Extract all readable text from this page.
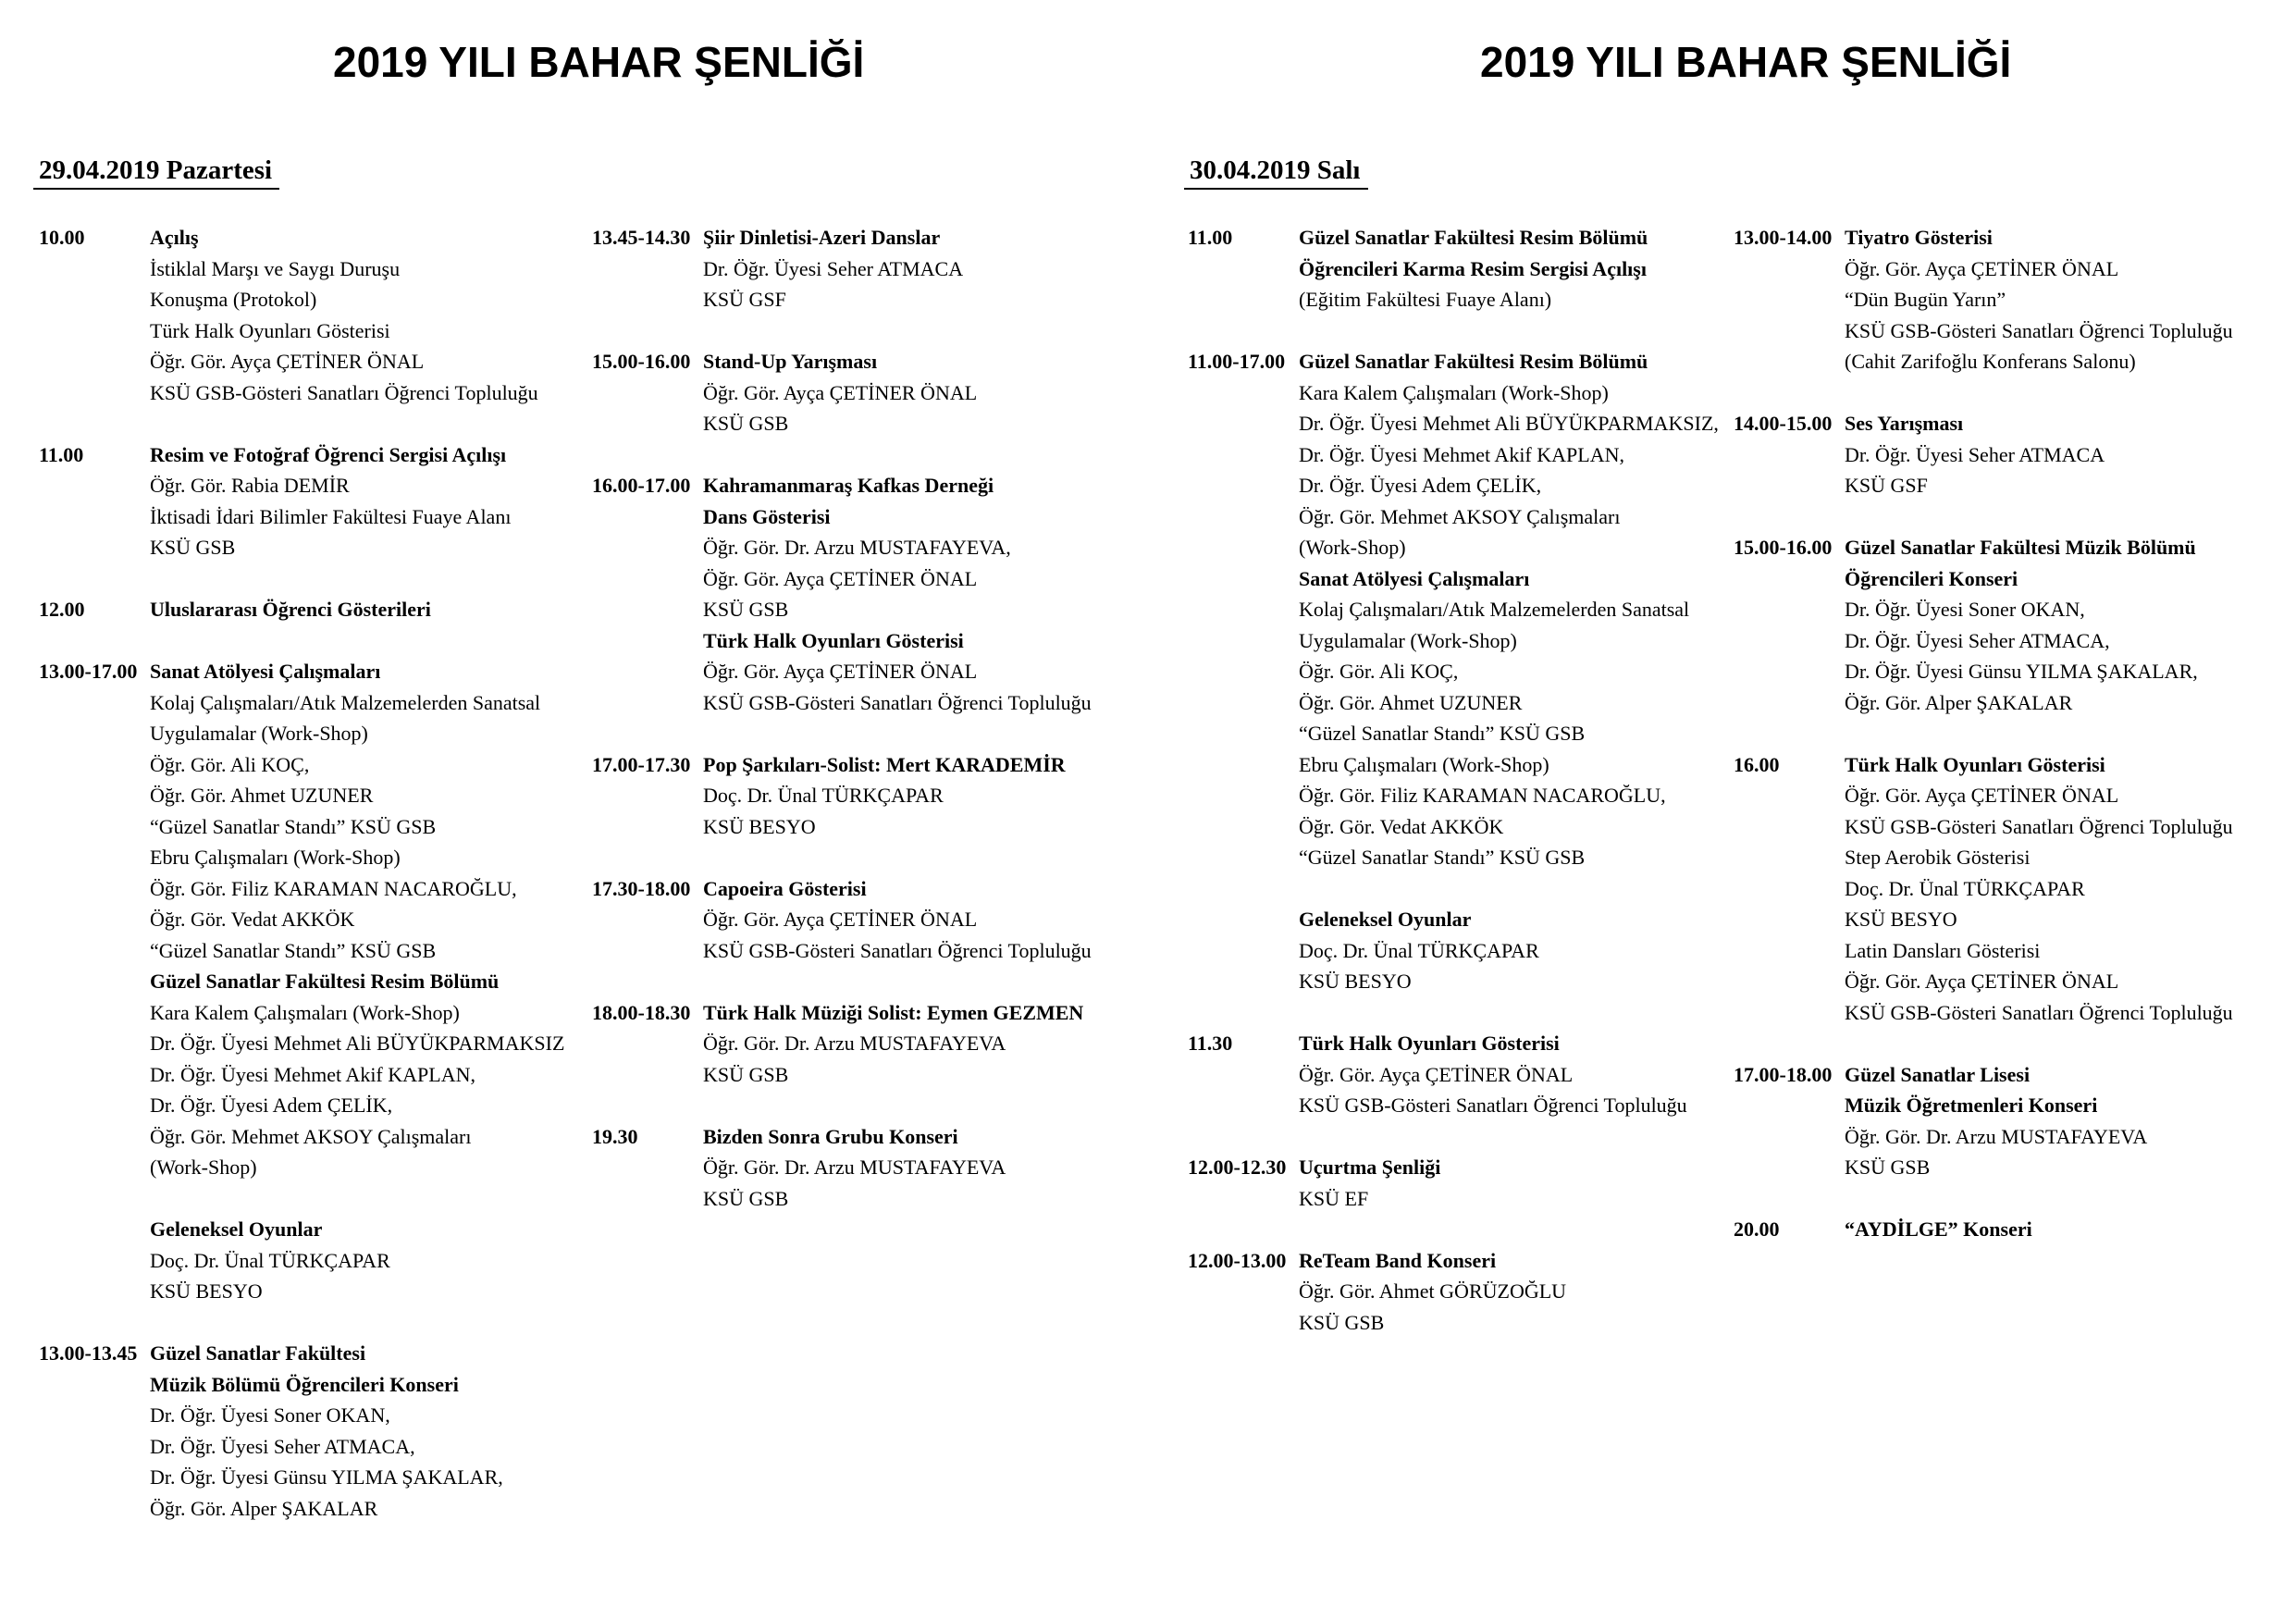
2019 YILI BAHAR ŞENLİĞİ
29.04.2019 Pazartesi
10.00	Açılış
İstiklal Marşı ve Saygı Duruşu
Konuşma (Protokol)
Türk Halk Oyunları Gösterisi
Öğr. Gör. Ayça ÇETİNER ÖNAL
KSÜ GSB-Gösteri Sanatları Öğrenci Topluluğu
11.00	Resim ve Fotoğraf Öğrenci Sergisi Açılışı
Öğr. Gör. Rabia DEMİR
İktisadi İdari Bilimler Fakültesi Fuaye Alanı
KSÜ GSB
12.00	Uluslararası Öğrenci Gösterileri
13.00-17.00 Sanat Atölyesi Çalışmaları
Kolaj Çalışmaları/Atık Malzemelerden Sanatsal
Uygulamalar (Work-Shop)
Öğr. Gör. Ali KOÇ,
Öğr. Gör. Ahmet UZUNER
“Güzel Sanatlar Standı” KSÜ GSB
Ebru Çalışmaları (Work-Shop)
Öğr. Gör. Filiz KARAMAN NACAROĞLU,
Öğr. Gör. Vedat AKKÖK
“Güzel Sanatlar Standı” KSÜ GSB
Güzel Sanatlar Fakültesi Resim Bölümü
Kara Kalem Çalışmaları (Work-Shop)
Dr. Öğr. Üyesi Mehmet Ali BÜYÜKPARMAKSIZ
Dr. Öğr. Üyesi Mehmet Akif KAPLAN,
Dr. Öğr. Üyesi Adem ÇELİK,
Öğr. Gör. Mehmet AKSOY Çalışmaları
(Work-Shop)
Geleneksel Oyunlar
Doç. Dr. Ünal TÜRKÇAPAR
KSÜ BESYO
13.00-13.45 Güzel Sanatlar Fakültesi
Müzik Bölümü Öğrencileri Konseri
Dr. Öğr. Üyesi Soner OKAN,
Dr. Öğr. Üyesi Seher ATMACA,
Dr. Öğr. Üyesi Günsu YILMA ŞAKALAR,
Öğr. Gör. Alper ŞAKALAR
13.45-14.30 Şiir Dinletisi-Azeri Danslar
Dr. Öğr. Üyesi Seher ATMACA
KSÜ GSF
15.00-16.00 Stand-Up Yarışması
Öğr. Gör. Ayça ÇETİNER ÖNAL
KSÜ GSB
16.00-17.00 Kahramanmaraş Kafkas Derneği
Dans Gösterisi
Öğr. Gör. Dr. Arzu MUSTAFAYEVA,
Öğr. Gör. Ayça ÇETİNER ÖNAL
KSÜ GSB
Türk Halk Oyunları Gösterisi
Öğr. Gör. Ayça ÇETİNER ÖNAL
KSÜ GSB-Gösteri Sanatları Öğrenci Topluluğu
17.00-17.30 Pop Şarkıları-Solist: Mert KARADEMİR
Doç. Dr. Ünal TÜRKÇAPAR
KSÜ BESYO
17.30-18.00 Capoeira Gösterisi
Öğr. Gör. Ayça ÇETİNER ÖNAL
KSÜ GSB-Gösteri Sanatları Öğrenci Topluluğu
18.00-18.30 Türk Halk Müziği Solist: Eymen GEZMEN
Öğr. Gör. Dr. Arzu MUSTAFAYEVA
KSÜ GSB
19.30	Bizden Sonra Grubu Konseri
Öğr. Gör. Dr. Arzu MUSTAFAYEVA
KSÜ GSB
2019 YILI BAHAR ŞENLİĞİ
30.04.2019 Salı
11.00	Güzel Sanatlar Fakültesi Resim Bölümü
Öğrencileri Karma Resim Sergisi Açılışı
(Eğitim Fakültesi Fuaye Alanı)
11.00-17.00 Güzel Sanatlar Fakültesi Resim Bölümü
Kara Kalem Çalışmaları (Work-Shop)
Dr. Öğr. Üyesi Mehmet Ali BÜYÜKPARMAKSIZ,
Dr. Öğr. Üyesi Mehmet Akif KAPLAN,
Dr. Öğr. Üyesi Adem ÇELİK,
Öğr. Gör. Mehmet AKSOY Çalışmaları
(Work-Shop)
Sanat Atölyesi Çalışmaları
Kolaj Çalışmaları/Atık Malzemelerden Sanatsal
Uygulamalar (Work-Shop)
Öğr. Gör. Ali KOÇ,
Öğr. Gör. Ahmet UZUNER
“Güzel Sanatlar Standı” KSÜ GSB
Ebru Çalışmaları (Work-Shop)
Öğr. Gör. Filiz KARAMAN NACAROĞLU,
Öğr. Gör. Vedat AKKÖK
“Güzel Sanatlar Standı” KSÜ GSB
Geleneksel Oyunlar
Doç. Dr. Ünal TÜRKÇAPAR
KSÜ BESYO
11.30	Türk Halk Oyunları Gösterisi
Öğr. Gör. Ayça ÇETİNER ÖNAL
KSÜ GSB-Gösteri Sanatları Öğrenci Topluluğu
12.00-12.30 Uçurtma Şenliği
KSÜ EF
12.00-13.00 ReTeam Band Konseri
Öğr. Gör. Ahmet GÖRÜZOĞLU
KSÜ GSB
13.00-14.00 Tiyatro Gösterisi
Öğr. Gör. Ayça ÇETİNER ÖNAL
“Dün Bugün Yarın”
KSÜ GSB-Gösteri Sanatları Öğrenci Topluluğu
(Cahit Zarifoğlu Konferans Salonu)
14.00-15.00 Ses Yarışması
Dr. Öğr. Üyesi Seher ATMACA
KSÜ GSF
15.00-16.00 Güzel Sanatlar Fakültesi Müzik Bölümü
Öğrencileri Konseri
Dr. Öğr. Üyesi Soner OKAN,
Dr. Öğr. Üyesi Seher ATMACA,
Dr. Öğr. Üyesi Günsu YILMA ŞAKALAR,
Öğr. Gör. Alper ŞAKALAR
16.00	Türk Halk Oyunları Gösterisi
Öğr. Gör. Ayça ÇETİNER ÖNAL
KSÜ GSB-Gösteri Sanatları Öğrenci Topluluğu
Step Aerobik Gösterisi
Doç. Dr. Ünal TÜRKÇAPAR
KSÜ BESYO
Latin Dansları Gösterisi
Öğr. Gör. Ayça ÇETİNER ÖNAL
KSÜ GSB-Gösteri Sanatları Öğrenci Topluluğu
17.00-18.00 Güzel Sanatlar Lisesi
Müzik Öğretmenleri Konseri
Öğr. Gör. Dr. Arzu MUSTAFAYEVA
KSÜ GSB
20.00	“AYDİLGE” Konseri
